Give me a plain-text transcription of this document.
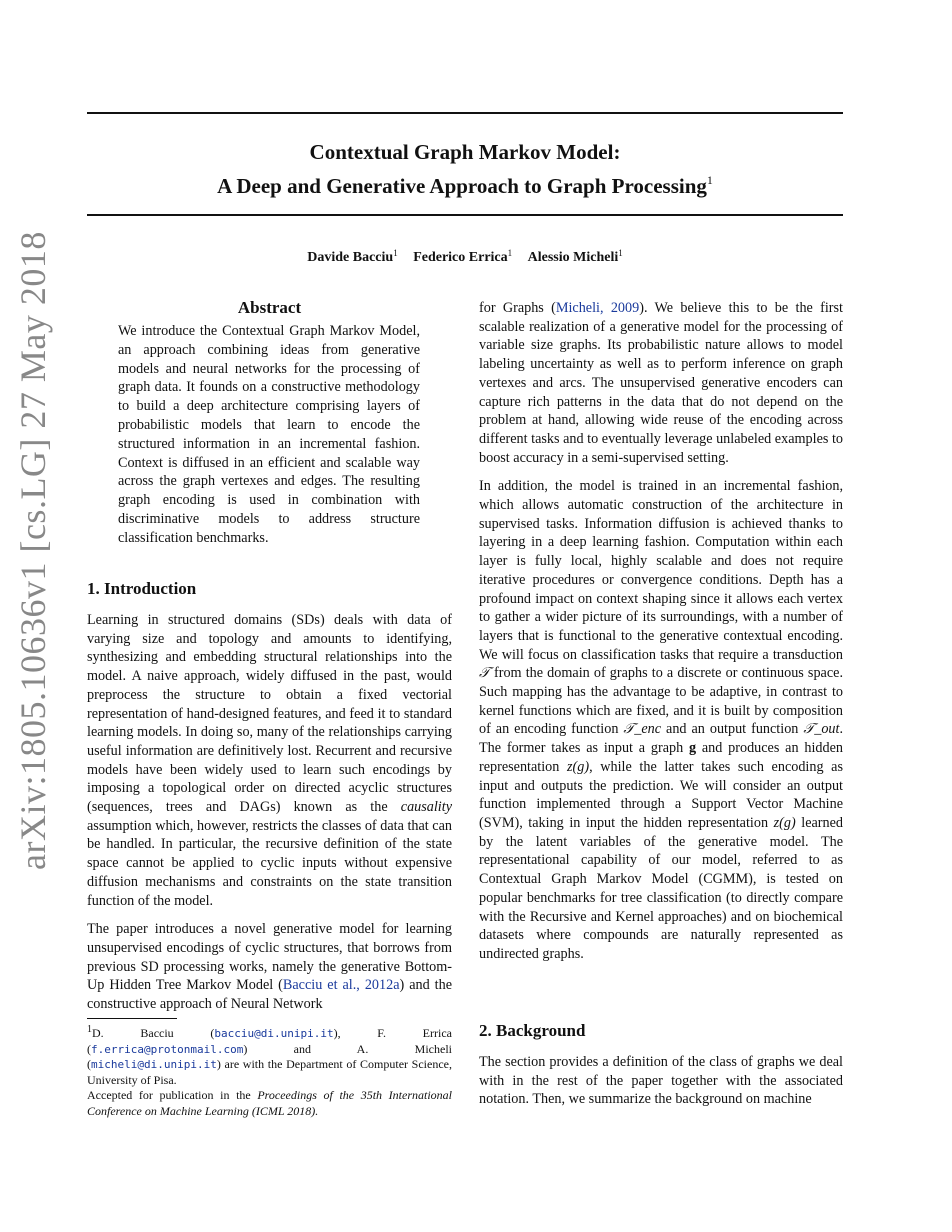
arXiv:1805.10636v1 [cs.LG] 27 May 2018
Contextual Graph Markov Model:
A Deep and Generative Approach to Graph Processing$^1$
Davide Bacciu$^1$ Federico Errica$^1$ Alessio Micheli$^1$
Abstract
We introduce the Contextual Graph Markov Model, an approach combining ideas from generative models and neural networks for the processing of graph data. It founds on a constructive methodology to build a deep architecture comprising layers of probabilistic models that learn to encode the structured information in an incremental fashion. Context is diffused in an efficient and scalable way across the graph vertexes and edges. The resulting graph encoding is used in combination with discriminative models to address structure classification benchmarks.
1. Introduction

Learning in structured domains (SDs) deals with data of varying size and topology and amounts to identifying, synthesizing and embedding structural relationships into the model. A naive approach, widely diffused in the past, would preprocess the structure to obtain a fixed vectorial representation of hand-designed features, and feed it to standard learning models. In doing so, many of the relationships carrying useful information are definitively lost. Recurrent and recursive models have been widely used to learn such encodings by imposing a topological order on directed acyclic structures (sequences, trees and DAGs) known as the causality assumption which, however, restricts the classes of data that can be handled. In particular, the recursive definition of the state space cannot be applied to cyclic inputs without expensive diffusion mechanisms and constraints on the state transition function of the model.

The paper introduces a novel generative model for learning unsupervised encodings of cyclic structures, that borrows from previous SD processing works, namely the generative Bottom-Up Hidden Tree Markov Model (Bacciu et al., 2012a) and the constructive approach of Neural Network

$^1$D. Bacciu (bacciu@di.unipi.it), F. Errica (f.errica@protonmail.com) and A. Micheli (micheli@di.unipi.it) are with the Department of Computer Science, University of Pisa.

Accepted for publication in the Proceedings of the 35th International Conference on Machine Learning (ICML 2018).

for Graphs (Micheli, 2009). We believe this to be the first scalable realization of a generative model for the processing of variable size graphs. Its probabilistic nature allows to model labeling uncertainty as well as to perform inference on graph vertexes and arcs. The unsupervised generative encoders can capture rich patterns in the data that do not depend on the problem at hand, allowing wide reuse of the encoding across different tasks and to eventually leverage unlabeled examples to boost accuracy in a semi-supervised setting.

In addition, the model is trained in an incremental fashion, which allows automatic construction of the architecture in supervised tasks. Information diffusion is achieved thanks to layering in a deep learning fashion. Computation within each layer is fully local, highly scalable and does not require iterative procedures or convergence conditions. Depth has a profound impact on context shaping since it allows each vertex to gather a wider picture of its surroundings, with a number of layers that is functional to the generative contextual encoding. We will focus on classification tasks that require a transduction 𝒯 from the domain of graphs to a discrete or continuous space. Such mapping has the advantage to be adaptive, in contrast to kernel functions which are fixed, and it is built by composition of an encoding function 𝒯_enc and an output function 𝒯_out. The former takes as input a graph g and produces an hidden representation z(g), while the latter takes such encoding as input and outputs the prediction. We will consider an output function implemented through a Support Vector Machine (SVM), taking in input the hidden representation z(g) learned by the latent variables of the generative model. The representational capability of our model, referred to as Contextual Graph Markov Model (CGMM), is tested on popular benchmarks for tree classification (to directly compare with the Recursive and Kernel approaches) and on biochemical datasets where compounds are naturally represented as undirected graphs.

2. Background

The section provides a definition of the class of graphs we deal with in the rest of the paper together with the associated notation. Then, we summarize the background on machine
